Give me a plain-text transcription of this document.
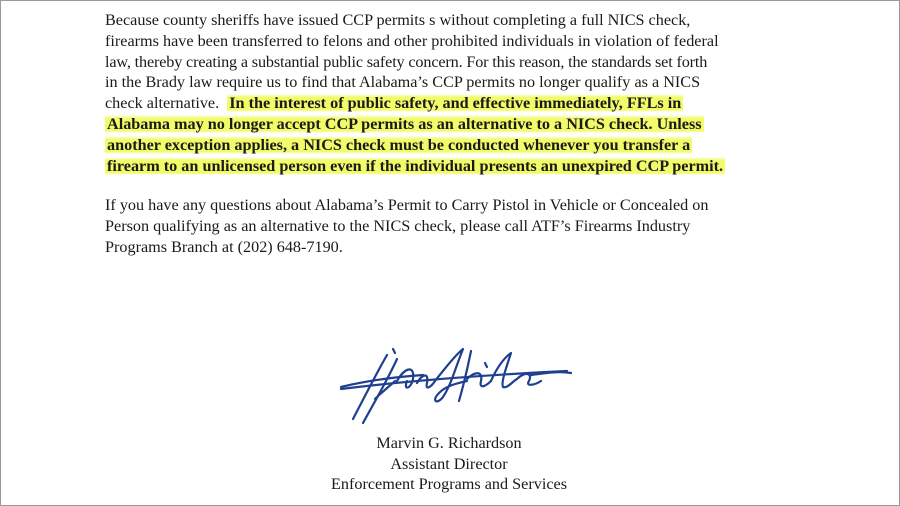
Because county sheriffs have issued CCP permits s without completing a full NICS check,
firearms have been transferred to felons and other prohibited individuals in violation of federal
law, thereby creating a substantial public safety concern. For this reason, the standards set forth
in the Brady law require us to find that Alabama’s CCP permits no longer qualify as a NICS
check alternative. In the interest of public safety, and effective immediately, FFLs in
Alabama may no longer accept CCP permits as an alternative to a NICS check. Unless
another exception applies, a NICS check must be conducted whenever you transfer a
firearm to an unlicensed person even if the individual presents an unexpired CCP permit.

If you have any questions about Alabama’s Permit to Carry Pistol in Vehicle or Concealed on
Person qualifying as an alternative to the NICS check, please call ATF’s Firearms Industry
Programs Branch at (202) 648-7190.

Marvin G. Richardson
Assistant Director
Enforcement Programs and Services
